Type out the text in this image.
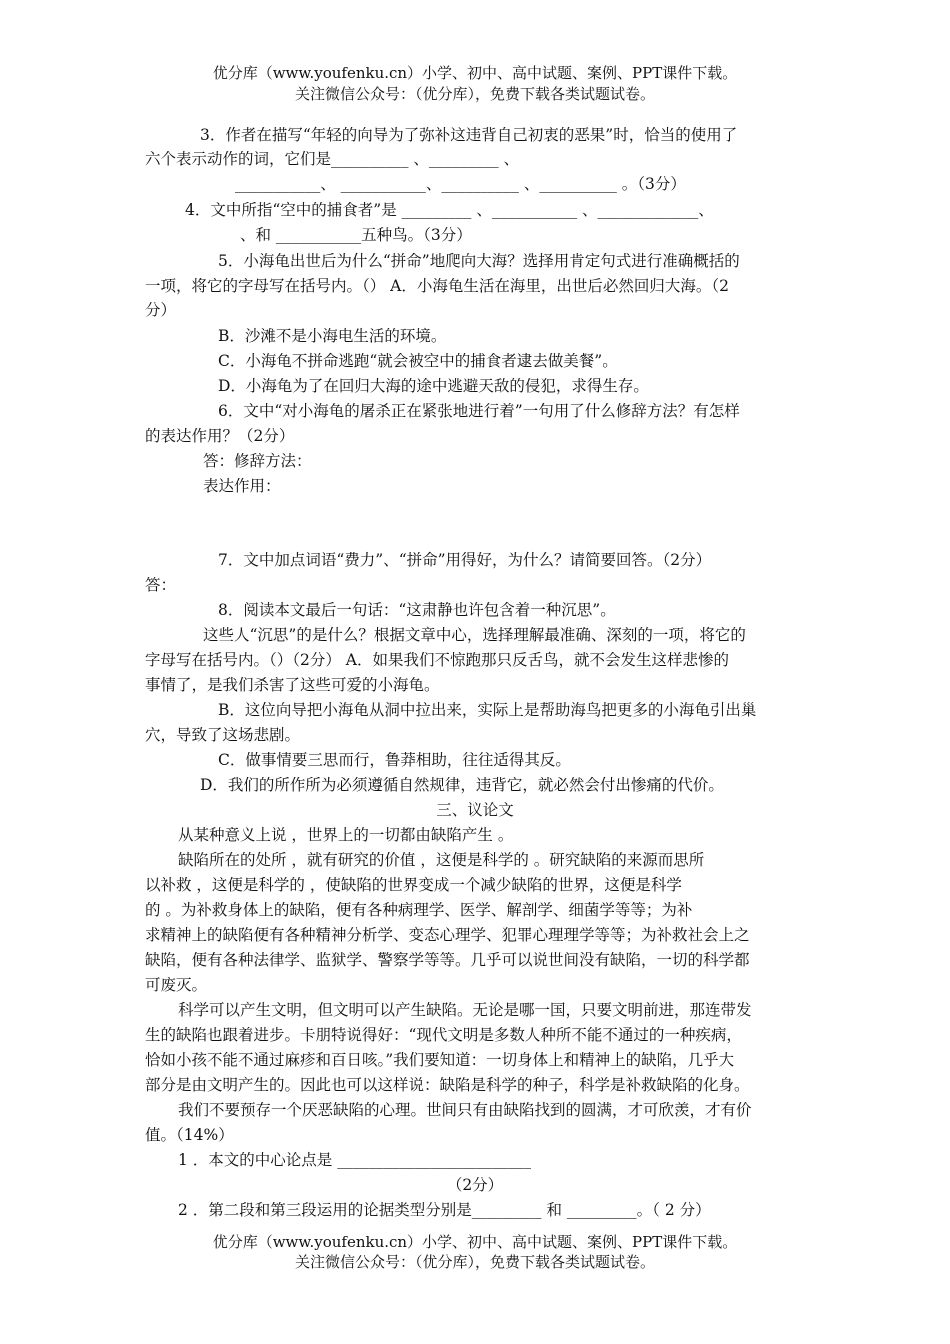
优分库（www.youfenku.cn）小学、初中、高中试题、案例、PPT课件下载。
关注微信公众号：（优分库），免费下载各类试题试卷。
3．作者在描写“年轻的向导为了弥补这违背自己初衷的恶果”时，恰当的使用了
六个表示动作的词，它们是__________ 、_________ 、
___________、 ___________、__________ 、__________ 。（3分）
4．文中所指“空中的捕食者”是 _________ 、___________ 、_____________、
、和 ___________五种鸟。（3分）
5．小海龟出世后为什么“拼命”地爬向大海？选择用肯定句式进行准确概括的
一项，将它的字母写在括号内。（） A．小海龟生活在海里，出世后必然回归大海。（2
分）
B．沙滩不是小海电生活的环境。
C．小海龟不拼命逃跑“就会被空中的捕食者逮去做美餐”。
D．小海龟为了在回归大海的途中逃避天敌的侵犯，求得生存。
6．文中“对小海龟的屠杀正在紧张地进行着”一句用了什么修辞方法？有怎样
的表达作用？（2分）
答：修辞方法：
表达作用：
7．文中加点词语“费力”、“拼命”用得好，为什么？请简要回答。（2分）
答：
8．阅读本文最后一句话：“这肃静也许包含着一种沉思”。
这些人“沉思”的是什么？根据文章中心，选择理解最准确、深刻的一项，将它的
字母写在括号内。（）（2分） A．如果我们不惊跑那只反舌鸟，就不会发生这样悲惨的
事情了，是我们杀害了这些可爱的小海龟。
B．这位向导把小海龟从洞中拉出来，实际上是帮助海鸟把更多的小海龟引出巢
穴，导致了这场悲剧。
C．做事情要三思而行，鲁莽相助，往往适得其反。
D．我们的所作所为必须遵循自然规律，违背它，就必然会付出惨痛的代价。
三、议论文
从某种意义上说 ，世界上的一切都由缺陷产生 。
缺陷所在的处所 ，就有研究的价值 ，这便是科学的 。研究缺陷的来源而思所
以补救 ，这便是科学的 ，使缺陷的世界变成一个减少缺陷的世界，这便是科学
的 。为补救身体上的缺陷，便有各种病理学、医学、解剖学、细菌学等等；为补
求精神上的缺陷便有各种精神分析学、变态心理学、犯罪心理理学等等；为补救社会上之
缺陷，便有各种法律学、监狱学、警察学等等。几乎可以说世间没有缺陷，一切的科学都
可废灭。
科学可以产生文明，但文明可以产生缺陷。无论是哪一国，只要文明前进，那连带发
生的缺陷也跟着进步。卡朋特说得好：“现代文明是多数人种所不能不通过的一种疾病，
恰如小孩不能不通过麻疹和百日咳。”我们要知道：一切身体上和精神上的缺陷，几乎大
部分是由文明产生的。因此也可以这样说：缺陷是科学的种子，科学是补救缺陷的化身。
我们不要预存一个厌恶缺陷的心理。世间只有由缺陷找到的圆满，才可欣羡，才有价
值。（14%）
1 ．本文的中心论点是 _________________________
（2分）
2 ．第二段和第三段运用的论据类型分别是_________ 和 _________。（ 2 分）
优分库（www.youfenku.cn）小学、初中、高中试题、案例、PPT课件下载。
关注微信公众号：（优分库），免费下载各类试题试卷。
